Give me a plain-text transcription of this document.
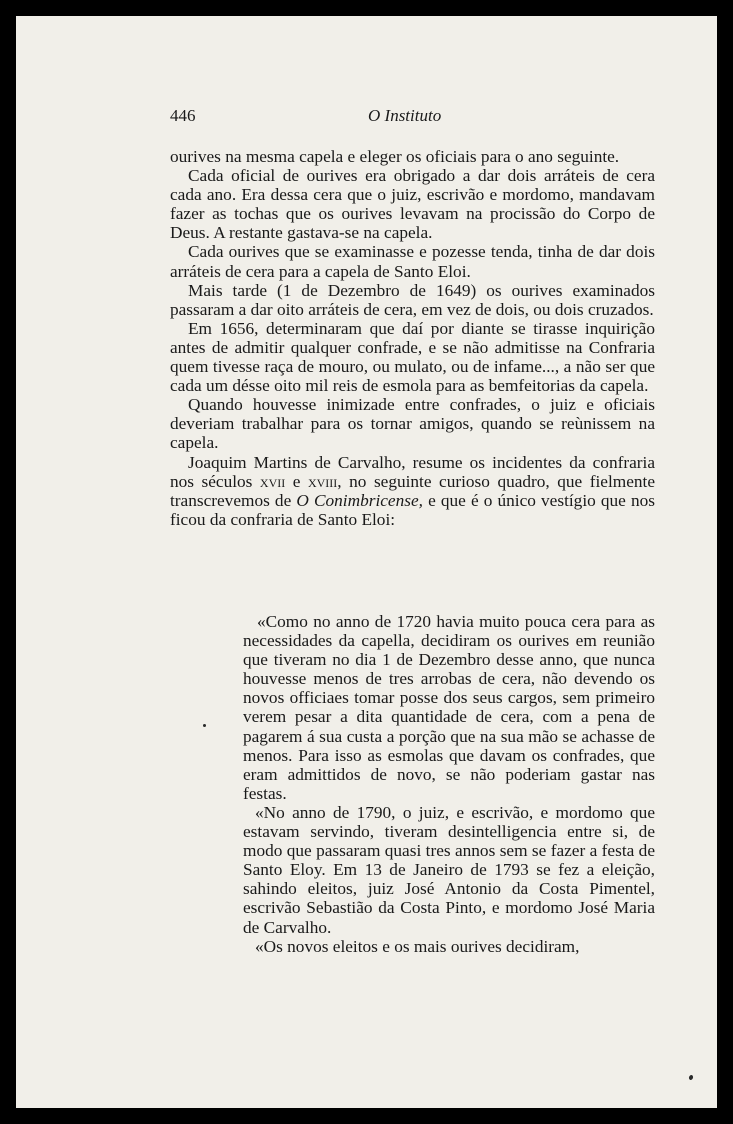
446	O Instituto

ourives na mesma capela e eleger os oficiais para o ano seguinte.

Cada oficial de ourives era obrigado a dar dois arráteis de cera cada ano. Era dessa cera que o juiz, escrivão e mordomo, mandavam fazer as tochas que os ourives levavam na procissão do Corpo de Deus. A restante gastava-se na capela.

Cada ourives que se examinasse e pozesse tenda, tinha de dar dois arráteis de cera para a capela de Santo Eloi.

Mais tarde (1 de Dezembro de 1649) os ourives examinados passaram a dar oito arráteis de cera, em vez de dois, ou dois cruzados.

Em 1656, determinaram que daí por diante se tirasse inquirição antes de admitir qualquer confrade, e se não admitisse na Confraria quem tivesse raça de mouro, ou mulato, ou de infame..., a não ser que cada um désse oito mil reis de esmola para as bemfeitorias da capela.

Quando houvesse inimizade entre confrades, o juiz e oficiais deveriam trabalhar para os tornar amigos, quando se reùnissem na capela.

Joaquim Martins de Carvalho, resume os incidentes da confraria nos séculos xvii e xviii, no seguinte curioso quadro, que fielmente transcrevemos de O Conimbricense, e que é o único vestígio que nos ficou da confraria de Santo Eloi:

«Como no anno de 1720 havia muito pouca cera para as necessidades da capella, decidiram os ourives em reunião que tiveram no dia 1 de Dezembro desse anno, que nunca houvesse menos de tres arrobas de cera, não devendo os novos officiaes tomar posse dos seus cargos, sem primeiro verem pesar a dita quantidade de cera, com a pena de pagarem á sua custa a porção que na sua mão se achasse de menos. Para isso as esmolas que davam os confrades, que eram admittidos de novo, se não poderiam gastar nas festas.

«No anno de 1790, o juiz, e escrivão, e mordomo que estavam servindo, tiveram desintelligencia entre si, de modo que passaram quasi tres annos sem se fazer a festa de Santo Eloy. Em 13 de Janeiro de 1793 se fez a eleição, sahindo eleitos, juiz José Antonio da Costa Pimentel, escrivão Sebastião da Costa Pinto, e mordomo José Maria de Carvalho.

«Os novos eleitos e os mais ourives decidiram,
